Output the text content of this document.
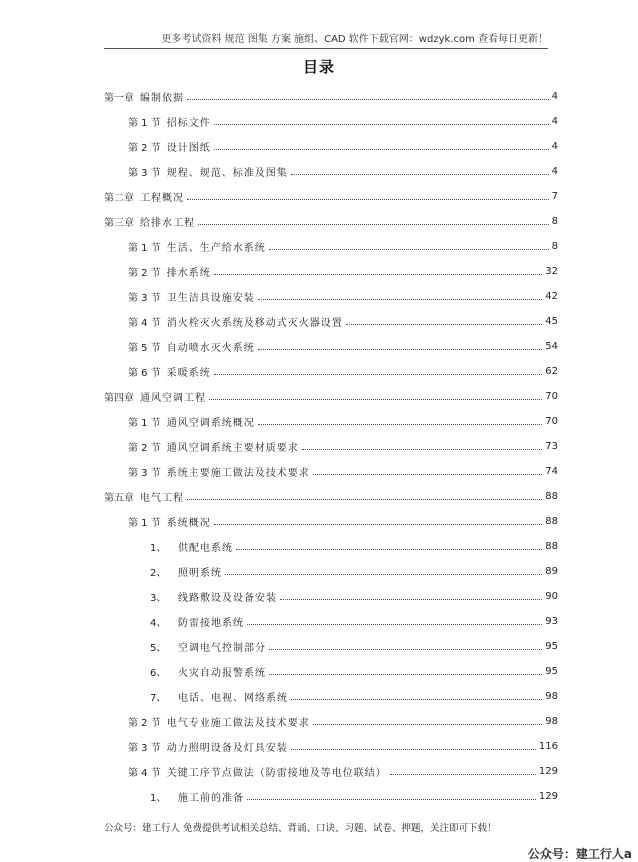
更多考试资料 规范 图集 方案 施组、CAD 软件下载官网：wdzyk.com 查看每日更新！
目录
第一章 编制依据	4
第 1 节 招标文件	4
第 2 节 设计图纸	4
第 3 节 规程、规范、标准及图集	4
第二章 工程概况	7
第三章 给排水工程	8
第 1 节 生活、生产给水系统	8
第 2 节 排水系统	32
第 3 节 卫生洁具设施安装	42
第 4 节 消火栓灭火系统及移动式灭火器设置	45
第 5 节 自动喷水灭火系统	54
第 6 节 采暖系统	62
第四章 通风空调工程	70
第 1 节 通风空调系统概况	70
第 2 节 通风空调系统主要材质要求	73
第 3 节 系统主要施工做法及技术要求	74
第五章 电气工程	88
第 1 节 系统概况	88
1、	供配电系统	88
2、	照明系统	89
3、	线路敷设及设备安装	90
4、	防雷接地系统	93
5、	空调电气控制部分	95
6、	火灾自动报警系统	95
7、	电话、电视、网络系统	98
第 2 节 电气专业施工做法及技术要求	98
第 3 节 动力照明设备及灯具安装	116
第 4 节 关键工序节点做法（防雷接地及等电位联结）	129
1、	施工前的准备	129
公众号：建工行人 免费提供考试相关总结、背诵、口诀、习题、试卷、押题，关注即可下载！
公众号：建工行人a
